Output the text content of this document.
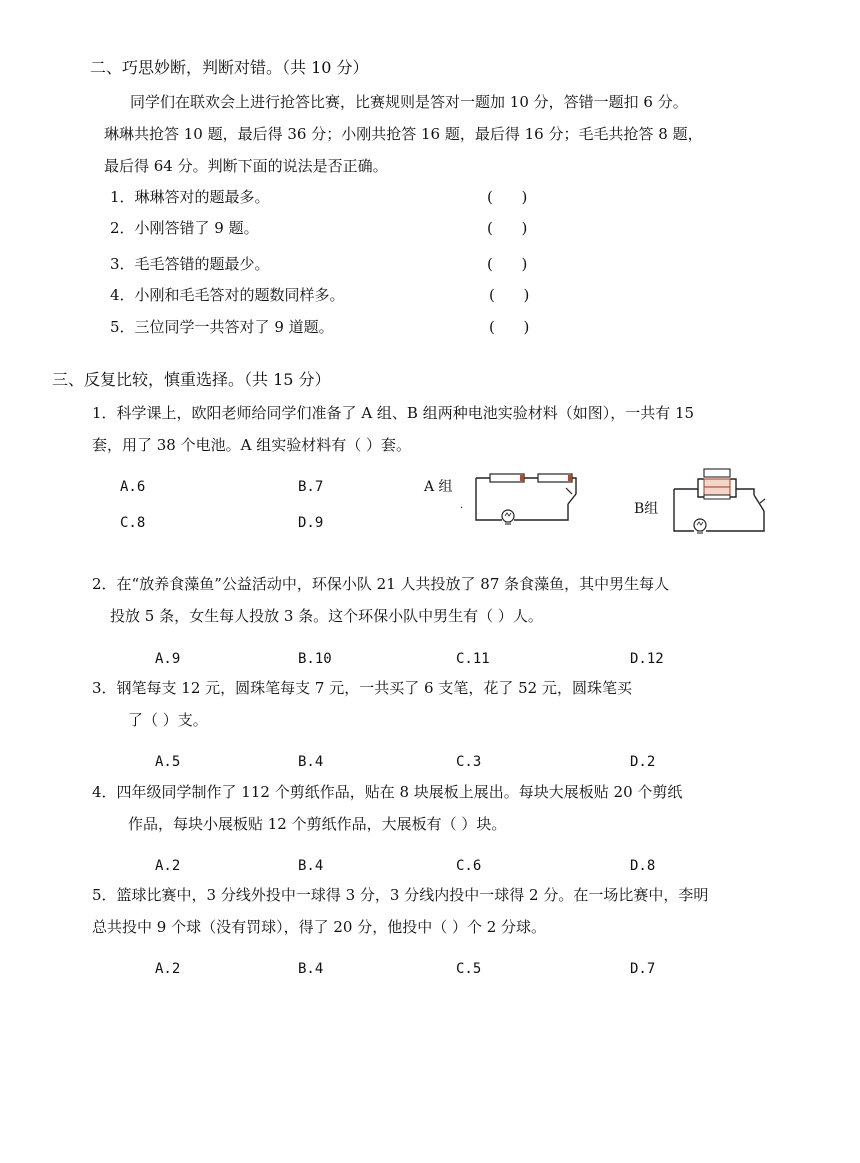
二、巧思妙断，判断对错。（共 10 分）
同学们在联欢会上进行抢答比赛，比赛规则是答对一题加 10 分，答错一题扣 6 分。
琳琳共抢答 10 题，最后得 36 分；小刚共抢答 16 题，最后得 16 分；毛毛共抢答 8 题，
最后得 64 分。判断下面的说法是否正确。
1．琳琳答对的题最多。	(      )
2．小刚答错了 9 题。	(      )
3．毛毛答错的题最少。	(      )
4．小刚和毛毛答对的题数同样多。	(      )
5．三位同学一共答对了 9 道题。	(      )
三、反复比较，慎重选择。（共 15 分）
1．科学课上，欧阳老师给同学们准备了 A 组、B 组两种电池实验材料（如图），一共有 15
套，用了 38 个电池。A 组实验材料有（ ）套。
A.6	B.7
C.8	D.9
A 组
·	B组
2．在“放养食藻鱼”公益活动中，环保小队 21 人共投放了 87 条食藻鱼，其中男生每人
投放 5 条，女生每人投放 3 条。这个环保小队中男生有（ ）人。
A.9	B.10	C.11	D.12
3．钢笔每支 12 元，圆珠笔每支 7 元，一共买了 6 支笔，花了 52 元，圆珠笔买
了（ ）支。
A.5	B.4	C.3	D.2
4．四年级同学制作了 112 个剪纸作品，贴在 8 块展板上展出。每块大展板贴 20 个剪纸
作品，每块小展板贴 12 个剪纸作品，大展板有（ ）块。
A.2	B.4	C.6	D.8
5．篮球比赛中，3 分线外投中一球得 3 分，3 分线内投中一球得 2 分。在一场比赛中，李明
总共投中 9 个球（没有罚球），得了 20 分，他投中（ ）个 2 分球。
A.2	B.4	C.5	D.7
